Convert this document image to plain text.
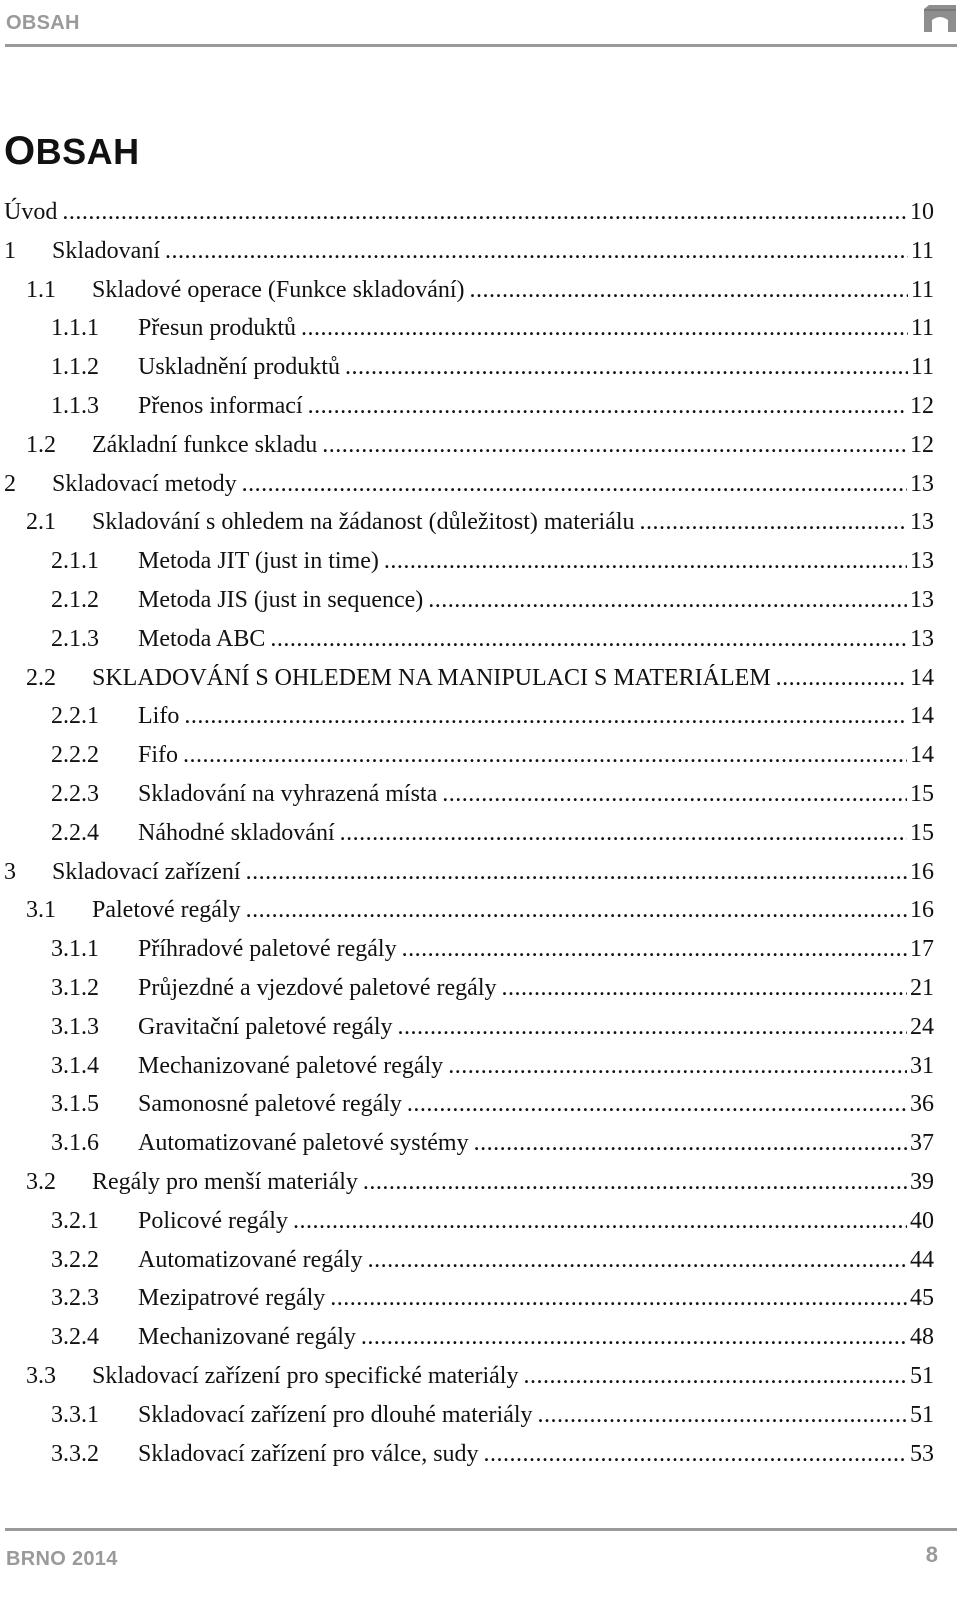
OBSAH
OBSAH
Úvod .....	10
1	Skladovaní .....	11
1.1	Skladové operace (Funkce skladování) .....	11
1.1.1	Přesun produktů .....	11
1.1.2	Uskladnění produktů .....	11
1.1.3	Přenos informací .....	12
1.2	Základní funkce skladu .....	12
2	Skladovací metody .....	13
2.1	Skladování s ohledem na žádanost (důležitost) materiálu .....	13
2.1.1	Metoda JIT (just in time) .....	13
2.1.2	Metoda JIS (just in sequence) .....	13
2.1.3	Metoda ABC .....	13
2.2	SKLADOVÁNÍ S OHLEDEM NA MANIPULACI S MATERIÁLEM .....	14
2.2.1	Lifo .....	14
2.2.2	Fifo .....	14
2.2.3	Skladování na vyhrazená místa .....	15
2.2.4	Náhodné skladování .....	15
3	Skladovací zařízení .....	16
3.1	Paletové regály .....	16
3.1.1	Příhradové paletové regály .....	17
3.1.2	Průjezdné a vjezdové paletové regály .....	21
3.1.3	Gravitační paletové regály .....	24
3.1.4	Mechanizované paletové regály .....	31
3.1.5	Samonosné paletové regály .....	36
3.1.6	Automatizované paletové systémy .....	37
3.2	Regály pro menší materiály .....	39
3.2.1	Policové regály .....	40
3.2.2	Automatizované regály .....	44
3.2.3	Mezipatrové regály .....	45
3.2.4	Mechanizované regály .....	48
3.3	Skladovací zařízení pro specifické materiály .....	51
3.3.1	Skladovací zařízení pro dlouhé materiály .....	51
3.3.2	Skladovací zařízení pro válce, sudy .....	53
BRNO 2014	8
